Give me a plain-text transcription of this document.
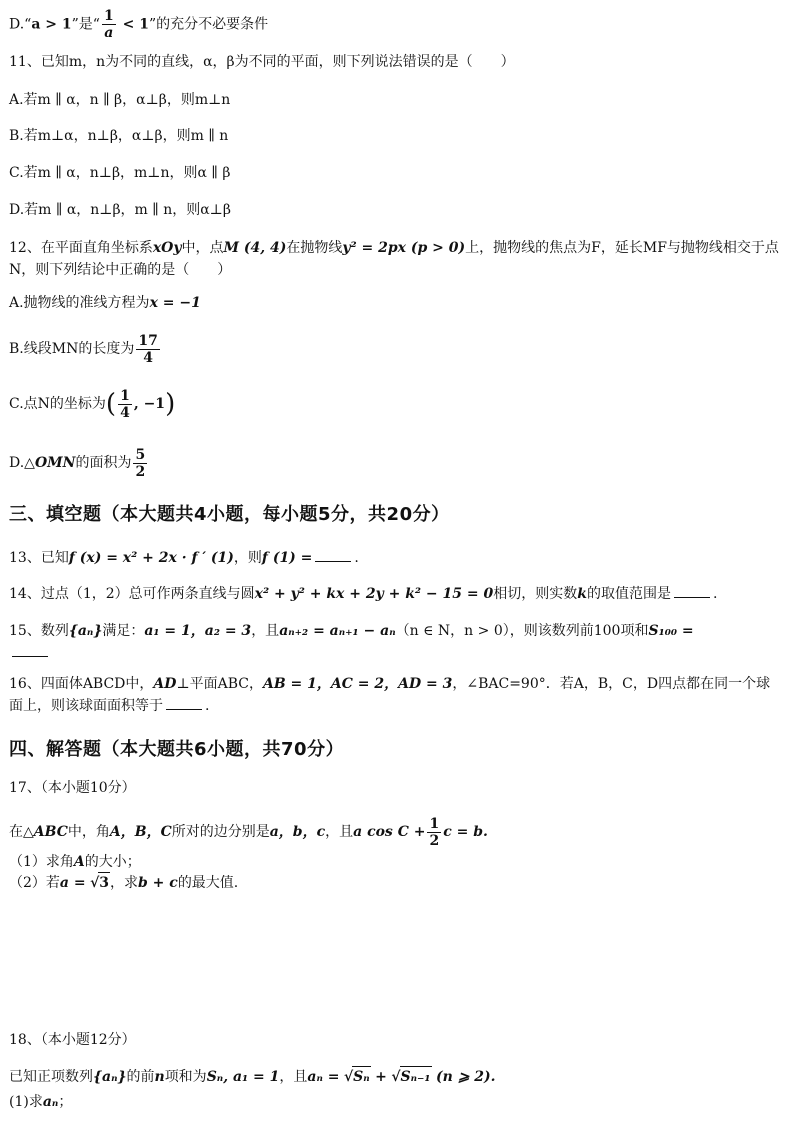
D.“a > 1”是“ $\frac{1}{a} < 1$”的充分不必要条件
11、已知m，n为不同的直线，α，β为不同的平面，则下列说法错误的是（　　）
A.若m ∥ α，n ∥ β，α⊥β，则m⊥n
B.若m⊥α，n⊥β，α⊥β，则m ∥ n
C.若m ∥ α，n⊥β，m⊥n，则α ∥ β
D.若m ∥ α，n⊥β，m ∥ n，则α⊥β
12、在平面直角坐标系xOy中，点M (4, 4)在抛物线y² = 2px (p > 0)上，抛物线的焦点为F，延长MF与抛物线相交于点N，则下列结论中正确的是（　　）
A.抛物线的准线方程为x = −1
B.线段MN的长度为 $\frac{17}{4}$
C.点N的坐标为( $\frac{1}{4}$ , −1)
D.△OMN的面积为 $\frac{5}{2}$
三、填空题（本大题共4小题，每小题5分，共20分）
13、已知f (x) = x² + 2x · f ′ (1)，则f (1) =	.
14、过点（1，2）总可作两条直线与圆x² + y² + kx + 2y + k² − 15 = 0相切，则实数k的取值范围是	.
15、数列{aₙ}满足：a₁ = 1，a₂ = 3，且aₙ₊₂ = aₙ₊₁ − aₙ（n ∈ N，n > 0），则该数列前100项和S₁₀₀ =

16、四面体ABCD中，AD⊥平面ABC，AB = 1，AC = 2，AD = 3，∠BAC=90°．若A，B，C，D四点都在同一个球面上，则该球面面积等于	.
四、解答题（本大题共6小题，共70分）
17、（本小题10分）
在△ABC中，角A，B，C所对的边分别是a，b，c，且a $\cos C + \frac{1}{2}$ c = b.
（1）求角A的大小；
（2）若a = √3，求b + c的最大值.
18、（本小题12分）
已知正项数列{aₙ}的前n项和为Sₙ, a₁ = 1，且aₙ = √Sₙ + √Sₙ₋₁ (n ⩾ 2).
(1)求aₙ；
